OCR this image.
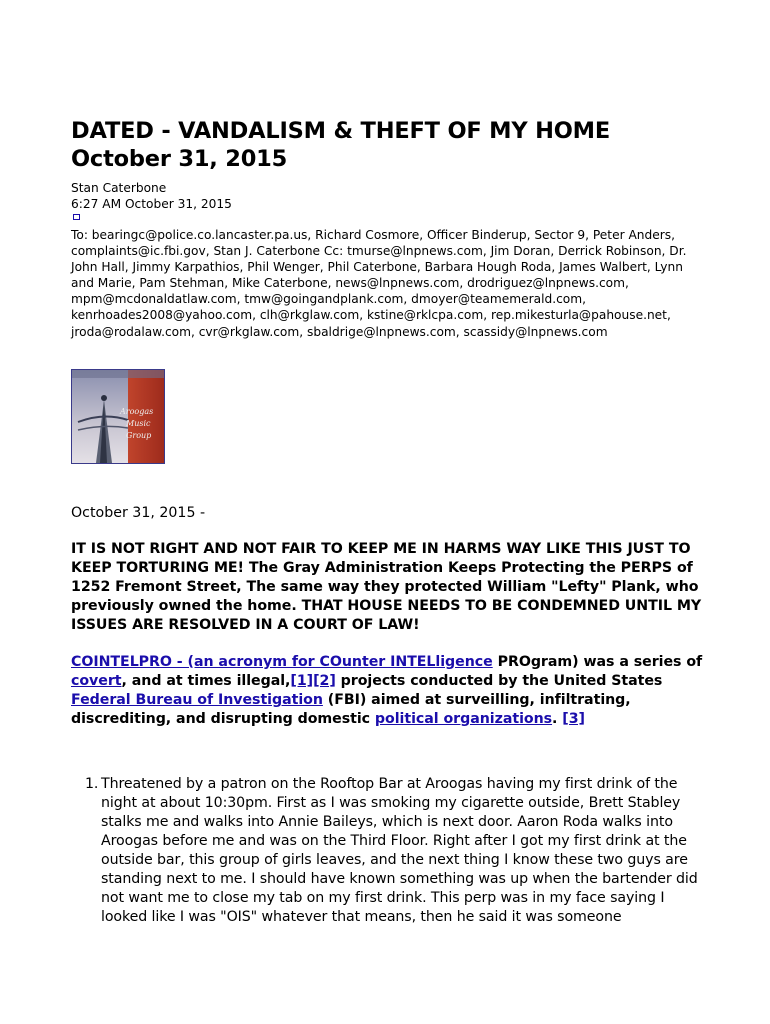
DATED - VANDALISM & THEFT OF MY HOME
October 31, 2015
Stan Caterbone
6:27 AM October 31, 2015
To: bearingc@police.co.lancaster.pa.us, Richard Cosmore, Officer Binderup, Sector 9, Peter Anders, complaints@ic.fbi.gov, Stan J. Caterbone Cc: tmurse@lnpnews.com, Jim Doran, Derrick Robinson, Dr. John Hall, Jimmy Karpathios, Phil Wenger, Phil Caterbone, Barbara Hough Roda, James Walbert, Lynn and Marie, Pam Stehman, Mike Caterbone, news@lnpnews.com, drodriguez@lnpnews.com, mpm@mcdonaldatlaw.com, tmw@goingandplank.com, dmoyer@teamemerald.com, kenrhoades2008@yahoo.com, clh@rkglaw.com, kstine@rklcpa.com, rep.mikesturla@pahouse.net, jroda@rodalaw.com, cvr@rkglaw.com, sbaldrige@lnpnews.com, scassidy@lnpnews.com
Aroogas
Music
Group
October 31, 2015 -
IT IS NOT RIGHT AND NOT FAIR TO KEEP ME IN HARMS WAY LIKE THIS JUST TO KEEP TORTURING ME! The Gray Administration Keeps Protecting the PERPS of 1252 Fremont Street, The same way they protected William "Lefty" Plank, who previously owned the home. THAT HOUSE NEEDS TO BE CONDEMNED UNTIL MY ISSUES ARE RESOLVED IN A COURT OF LAW!
COINTELPRO - (an acronym for COunter INTELligence PROgram) was a series of covert, and at times illegal,[1][2] projects conducted by the United States Federal Bureau of Investigation (FBI) aimed at surveilling, infiltrating, discrediting, and disrupting domestic political organizations. [3]
1. Threatened by a patron on the Rooftop Bar at Aroogas having my first drink of the night at about 10:30pm. First as I was smoking my cigarette outside, Brett Stabley stalks me and walks into Annie Baileys, which is next door. Aaron Roda walks into Aroogas before me and was on the Third Floor. Right after I got my first drink at the outside bar, this group of girls leaves, and the next thing I know these two guys are standing next to me. I should have known something was up when the bartender did not want me to close my tab on my first drink. This perp was in my face saying I looked like I was "OIS" whatever that means, then he said it was someone
